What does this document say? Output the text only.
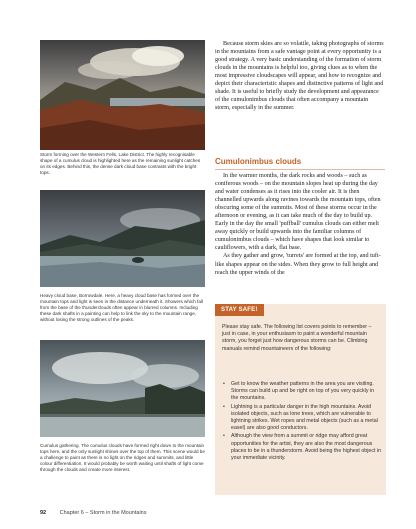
Storm forming over the Western Fells, Lake District. The highly recognisable shape of a cumulus cloud is highlighted here as the remaining sunlight catches on its edges. Behind this, the dense dark cloud base contrasts with the bright tops.
Heavy cloud base, Borrowdale. Here, a heavy cloud base has formed over the mountain tops and light is seen in the distance underneath it. Showers which fall from the base of the thunderclouds often appear in blurred columns. Including these dark shafts in a painting can help to link the sky to the mountain range, without losing the strong outlines of the peaks.
Cumulus gathering. The cumulus clouds have formed right down to the mountain tops here, and the only sunlight shines over the top of them. This scene would be a challenge to paint as there is no light on the ridges and summits, and little colour differentiation. It would probably be worth waiting until shafts of light come through the clouds and create more interest.

Because storm skies are so volatile, taking photographs of storms in the mountains from a safe vantage point at every opportunity is a good strategy. A very basic understanding of the formation of storm clouds in the mountains is helpful too, giving clues as to when the most impressive cloudscapes will appear, and how to recognize and depict their characteristic shapes and distinctive patterns of light and shade. It is useful to briefly study the development and appearance of the cumulonimbus clouds that often accompany a mountain storm, especially in the summer.

Cumulonimbus clouds

In the warmer months, the dark rocks and woods – such as coniferous woods – on the mountain slopes heat up during the day and water condenses as it rises into the cooler air. It is then channelled upwards along ravines towards the mountain tops, often obscuring some of the summits. Most of these storms occur in the afternoon or evening, as it can take much of the day to build up. Early in the day the small 'puffball' cumulus clouds can either melt away quickly or build upwards into the familiar columns of cumulonimbus clouds – which have shapes that look similar to cauliflowers, with a dark, flat base.

As they gather and grow, 'turrets' are formed at the top, and tuft-like shapes appear on the sides. When they grow to full height and reach the upper winds of the

STAY SAFE!
Please stay safe. The following list covers points to remember – just in case, in your enthusiasm to paint a wonderful mountain storm, you forget just how dangerous storms can be. Climbing manuals remind mountaineers of the following:
• Get to know the weather patterns in the area you are visiting. Storms can build up and be right on top of you very quickly in the mountains.
• Lightning is a particular danger in the high mountains. Avoid isolated objects, such as lone trees, which are vulnerable to lightning strikes. Wet ropes and metal objects (such as a metal easel) are also good conductors.
• Although the view from a summit or ridge may afford great opportunities for the artist, they are also the most dangerous places to be in a thunderstorm. Avoid being the highest object in your immediate vicinity.
92 Chapter 6 – Storm in the Mountains
